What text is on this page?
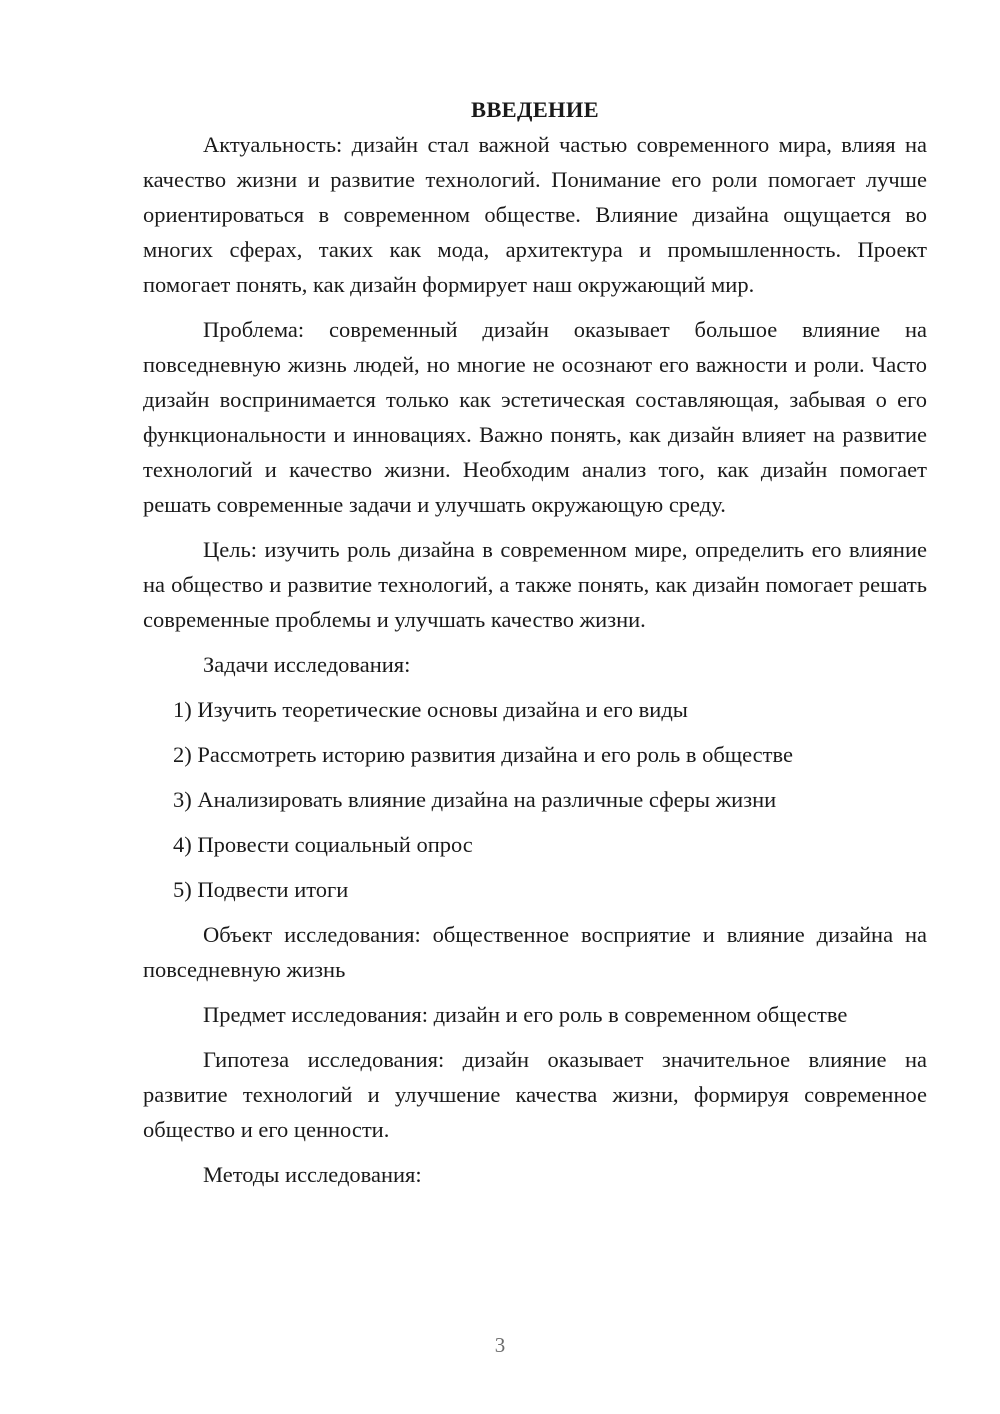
ВВЕДЕНИЕ

Актуальность: дизайн стал важной частью современного мира, влияя на качество жизни и развитие технологий. Понимание его роли помогает лучше ориентироваться в современном обществе. Влияние дизайна ощущается во многих сферах, таких как мода, архитектура и промышленность. Проект помогает понять, как дизайн формирует наш окружающий мир.

Проблема: современный дизайн оказывает большое влияние на повседневную жизнь людей, но многие не осознают его важности и роли. Часто дизайн воспринимается только как эстетическая составляющая, забывая о его функциональности и инновациях. Важно понять, как дизайн влияет на развитие технологий и качество жизни. Необходим анализ того, как дизайн помогает решать современные задачи и улучшать окружающую среду.

Цель: изучить роль дизайна в современном мире, определить его влияние на общество и развитие технологий, а также понять, как дизайн помогает решать современные проблемы и улучшать качество жизни.

Задачи исследования:

1) Изучить теоретические основы дизайна и его виды
2) Рассмотреть историю развития дизайна и его роль в обществе
3) Анализировать влияние дизайна на различные сферы жизни
4) Провести социальный опрос
5) Подвести итоги

Объект исследования: общественное восприятие и влияние дизайна на повседневную жизнь

Предмет исследования: дизайн и его роль в современном обществе

Гипотеза исследования: дизайн оказывает значительное влияние на развитие технологий и улучшение качества жизни, формируя современное общество и его ценности.

Методы исследования:

3
